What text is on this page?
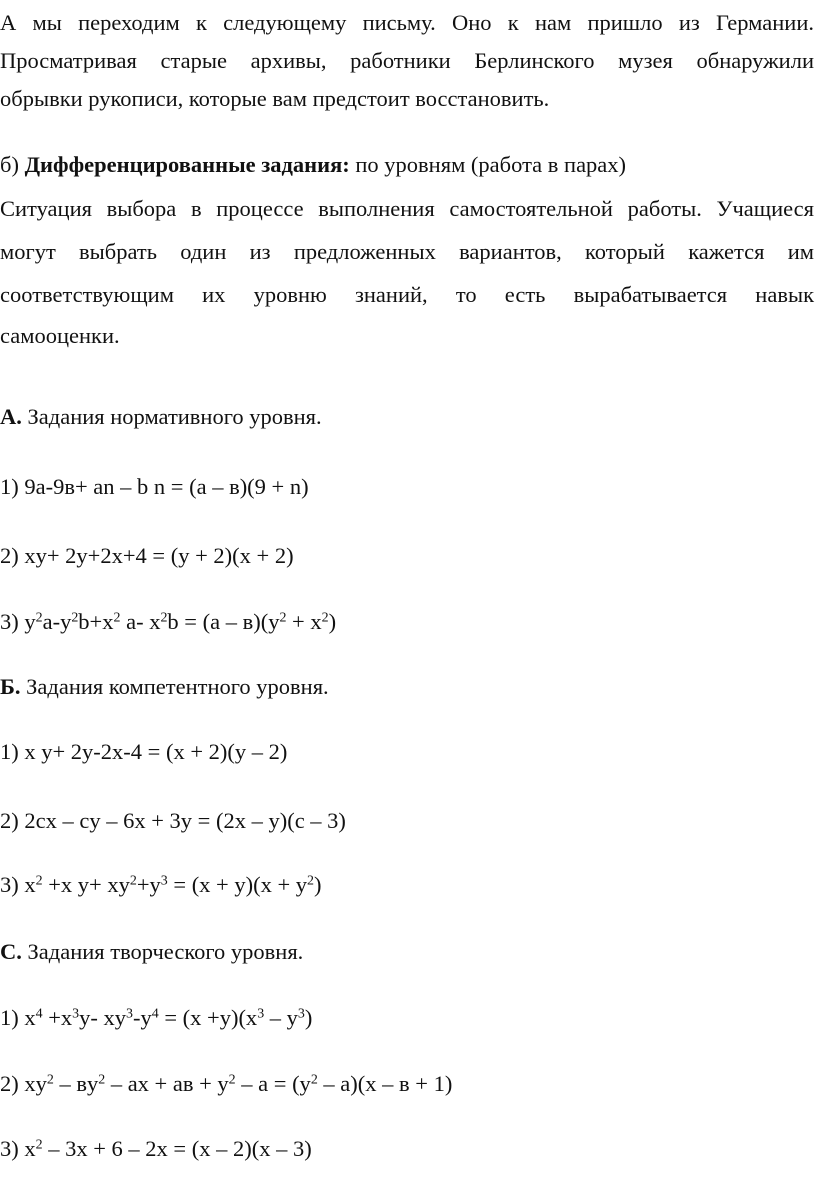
А мы переходим к следующему письму. Оно к нам пришло из Германии.

Просматривая старые архивы, работники Берлинского музея обнаружили

обрывки рукописи, которые вам предстоит восстановить.

б) Дифференцированные задания: по уровням (работа в парах)

Ситуация выбора в процессе выполнения самостоятельной работы. Учащиеся

могут выбрать один из предложенных вариантов, который кажется им

соответствующим их уровню знаний, то есть вырабатывается навык

самооценки.

А. Задания нормативного уровня.

1) 9а-9в+ аn – b n = (а – в)(9 + n)

2) xy+ 2y+2x+4 = (y + 2)(x + 2)

3) $y^2a-y^2b+x^2$ a- $x^2b = (a - в)(y^2 + x^2)$

Б. Задания компетентного уровня.

1) x y+ 2y-2x-4 = (x + 2)(y – 2)

2) 2cx – cy – 6x + 3y = (2x – y)(c – 3)

3) $x^2 +x$ $y+ xy^2+y^3 = (x + y)(x + y^2)$

С. Задания творческого уровня.

1) $x^4 +x^3y-$ $xy^3-y^4 = (x +y)(x^3 - y^3)$

2) $xy^2 - вy^2$ – ax + aв + $y^2 - a = (y^2 - a)(x - в + 1)$

3) $x^2 - 3x + 6 - 2x = (x - 2)(x - 3)$
